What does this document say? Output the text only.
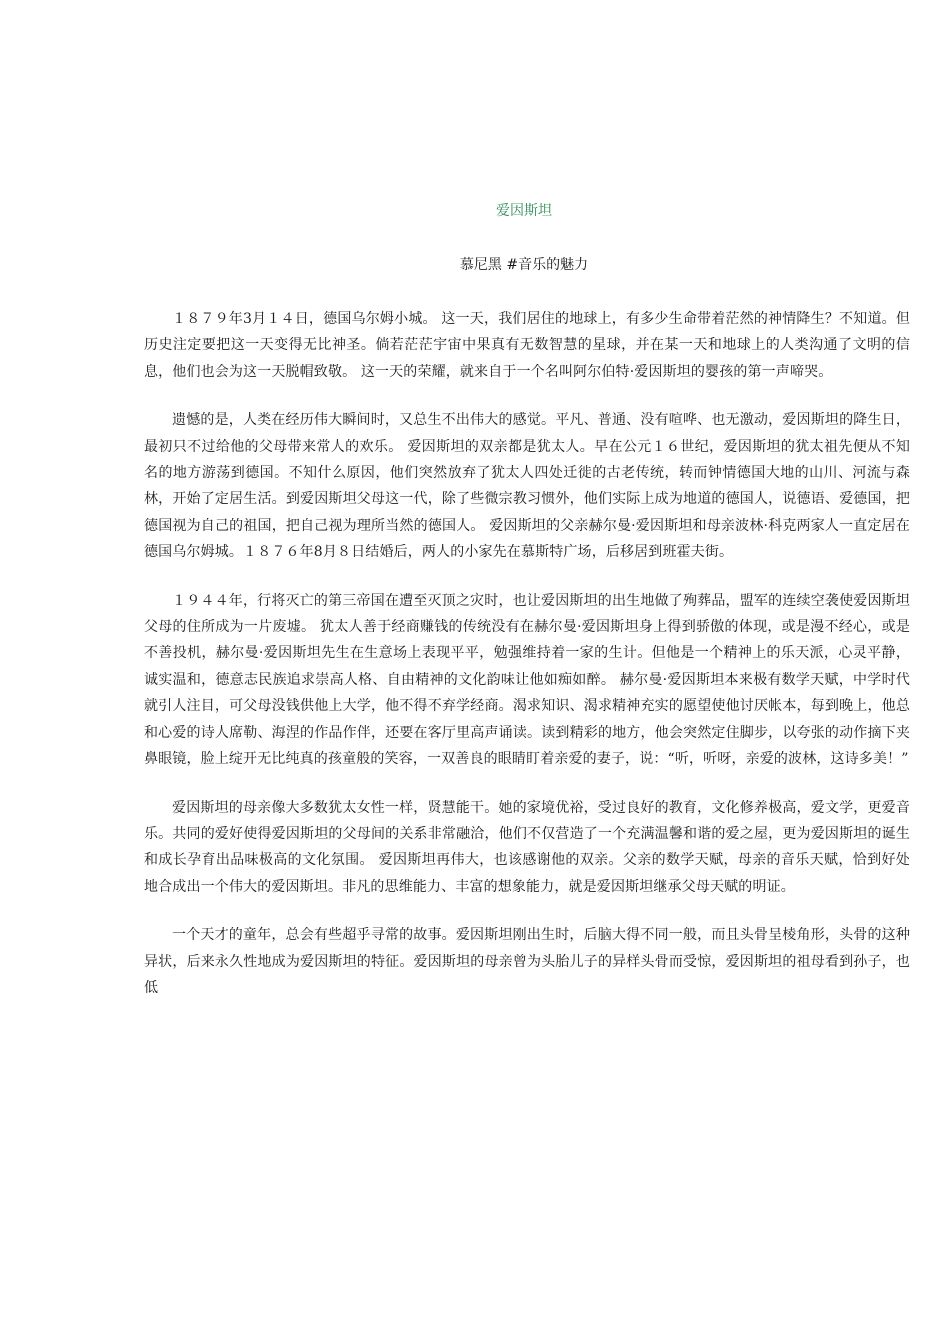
爱因斯坦
慕尼黑 #音乐的魅力

１８７９年3月１４日，德国乌尔姆小城。 这一天，我们居住的地球上，有多少生命带着茫然的神情降生？不知道。但历史注定要把这一天变得无比神圣。倘若茫茫宇宙中果真有无数智慧的星球，并在某一天和地球上的人类沟通了文明的信息，他们也会为这一天脱帽致敬。 这一天的荣耀，就来自于一个名叫阿尔伯特·爱因斯坦的婴孩的第一声啼哭。

遗憾的是，人类在经历伟大瞬间时，又总生不出伟大的感觉。平凡、普通、没有喧哗、也无激动，爱因斯坦的降生日，最初只不过给他的父母带来常人的欢乐。 爱因斯坦的双亲都是犹太人。早在公元１６世纪，爱因斯坦的犹太祖先便从不知名的地方游荡到德国。不知什么原因，他们突然放弃了犹太人四处迁徙的古老传统，转而钟情德国大地的山川、河流与森林，开始了定居生活。到爱因斯坦父母这一代，除了些微宗教习惯外，他们实际上成为地道的德国人，说德语、爱德国，把德国视为自己的祖国，把自己视为理所当然的德国人。 爱因斯坦的父亲赫尔曼·爱因斯坦和母亲波林·科克两家人一直定居在德国乌尔姆城。１８７６年8月８日结婚后，两人的小家先在慕斯特广场，后移居到班霍夫街。

１９４４年，行将灭亡的第三帝国在遭至灭顶之灾时，也让爱因斯坦的出生地做了殉葬品，盟军的连续空袭使爱因斯坦父母的住所成为一片废墟。 犹太人善于经商赚钱的传统没有在赫尔曼·爱因斯坦身上得到骄傲的体现，或是漫不经心，或是不善投机，赫尔曼·爱因斯坦先生在生意场上表现平平，勉强维持着一家的生计。但他是一个精神上的乐天派，心灵平静，诚实温和，德意志民族追求崇高人格、自由精神的文化韵味让他如痴如醉。 赫尔曼·爱因斯坦本来极有数学天赋，中学时代就引人注目，可父母没钱供他上大学，他不得不弃学经商。渴求知识、渴求精神充实的愿望使他讨厌帐本，每到晚上，他总和心爱的诗人席勒、海涅的作品作伴，还要在客厅里高声诵读。读到精彩的地方，他会突然定住脚步，以夸张的动作摘下夹鼻眼镜，脸上绽开无比纯真的孩童般的笑容，一双善良的眼睛盯着亲爱的妻子，说：“听，听呀，亲爱的波林，这诗多美！”

爱因斯坦的母亲像大多数犹太女性一样，贤慧能干。她的家境优裕，受过良好的教育，文化修养极高，爱文学，更爱音乐。共同的爱好使得爱因斯坦的父母间的关系非常融洽，他们不仅营造了一个充满温馨和谐的爱之屋，更为爱因斯坦的诞生和成长孕育出品味极高的文化氛围。 爱因斯坦再伟大，也该感谢他的双亲。父亲的数学天赋，母亲的音乐天赋，恰到好处地合成出一个伟大的爱因斯坦。非凡的思维能力、丰富的想象能力，就是爱因斯坦继承父母天赋的明证。

一个天才的童年，总会有些超乎寻常的故事。爱因斯坦刚出生时，后脑大得不同一般，而且头骨呈棱角形，头骨的这种异状，后来永久性地成为爱因斯坦的特征。爱因斯坦的母亲曾为头胎儿子的异样头骨而受惊，爱因斯坦的祖母看到孙子，也低
